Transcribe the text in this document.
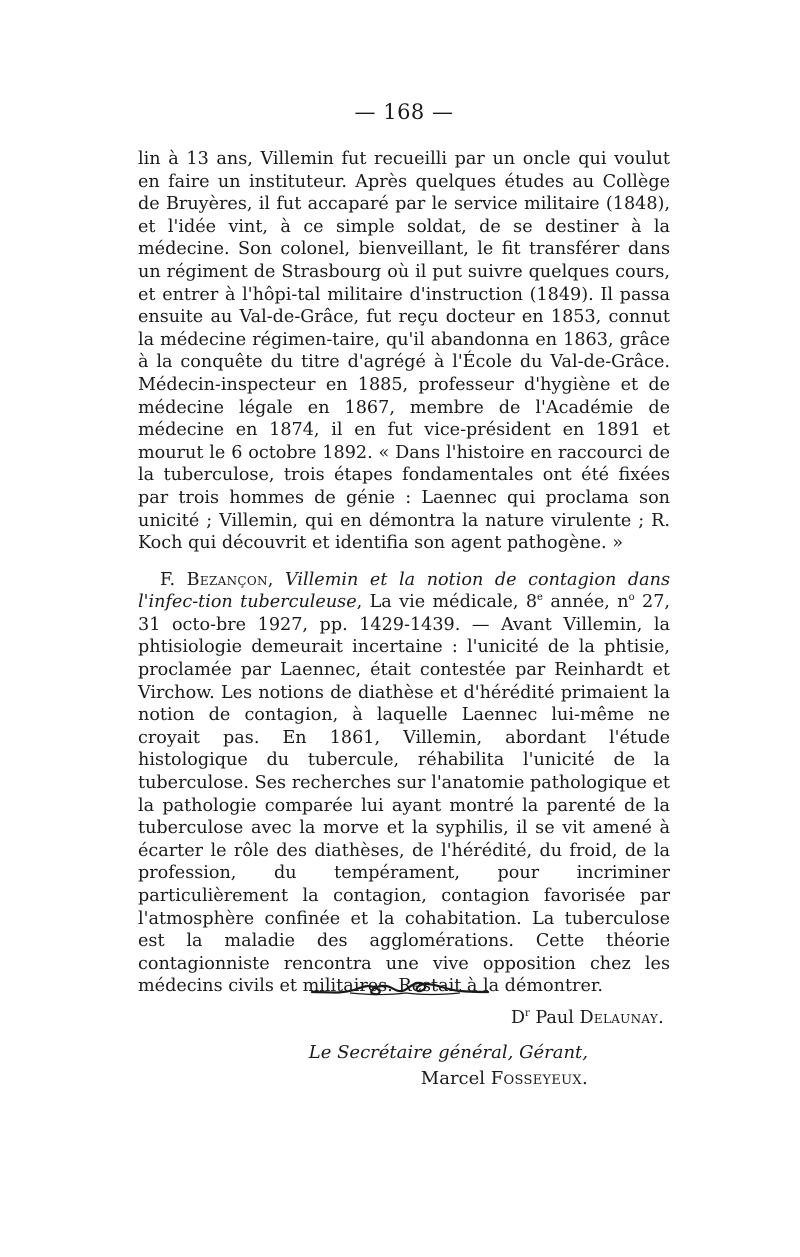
— 168 —

lin à 13 ans, Villemin fut recueilli par un oncle qui voulut en faire un instituteur. Après quelques études au Collège de Bruyères, il fut accaparé par le service militaire (1848), et l'idée vint, à ce simple soldat, de se destiner à la médecine. Son colonel, bienveillant, le fit transférer dans un régiment de Strasbourg où il put suivre quelques cours, et entrer à l'hôpi-tal militaire d'instruction (1849). Il passa ensuite au Val-de-Grâce, fut reçu docteur en 1853, connut la médecine régimen-taire, qu'il abandonna en 1863, grâce à la conquête du titre d'agrégé à l'École du Val-de-Grâce. Médecin-inspecteur en 1885, professeur d'hygiène et de médecine légale en 1867, membre de l'Académie de médecine en 1874, il en fut vice-président en 1891 et mourut le 6 octobre 1892. « Dans l'histoire en raccourci de la tuberculose, trois étapes fondamentales ont été fixées par trois hommes de génie : Laennec qui proclama son unicité ; Villemin, qui en démontra la nature virulente ; R. Koch qui découvrit et identifia son agent pathogène. »

F. Bezançon, Villemin et la notion de contagion dans l'infec-tion tuberculeuse, La vie médicale, 8e année, $n^o$ 27, 31 octo-bre 1927, pp. 1429-1439. — Avant Villemin, la phtisiologie demeurait incertaine : l'unicité de la phtisie, proclamée par Laennec, était contestée par Reinhardt et Virchow. Les notions de diathèse et d'hérédité primaient la notion de contagion, à laquelle Laennec lui-même ne croyait pas. En 1861, Villemin, abordant l'étude histologique du tubercule, réhabilita l'unicité de la tuberculose. Ses recherches sur l'anatomie pathologique et la pathologie comparée lui ayant montré la parenté de la tuberculose avec la morve et la syphilis, il se vit amené à écarter le rôle des diathèses, de l'hérédité, du froid, de la profession, du tempérament, pour incriminer particulièrement la contagion, contagion favorisée par l'atmosphère confinée et la cohabitation. La tuberculose est la maladie des agglomérations. Cette théorie contagionniste rencontra une vive opposition chez les médecins civils et militaires. Restait à la démontrer.

$D^r$ Paul Delaunay.
Le Secrétaire général, Gérant,
Marcel Fosseyeux.
